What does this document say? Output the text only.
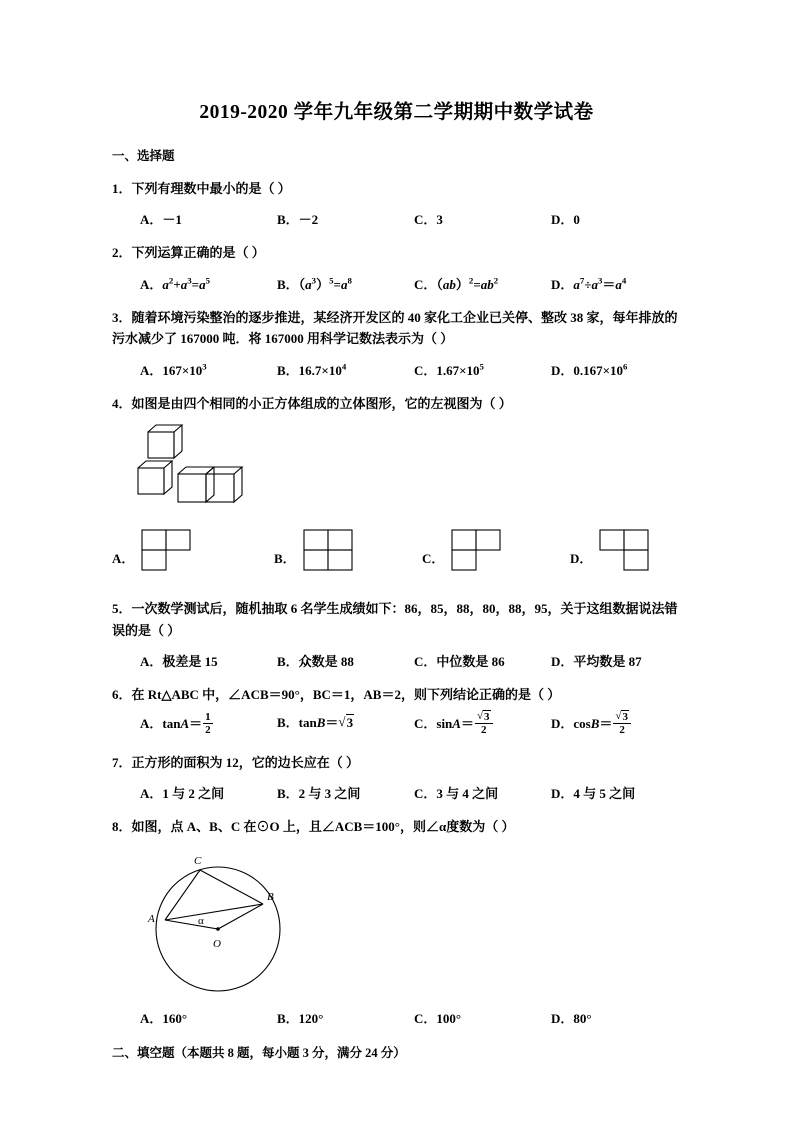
2019-2020 学年九年级第二学期期中数学试卷
一、选择题
1．下列有理数中最小的是（ ）
A．－1	B．－2	C．3	D．0
2．下列运算正确的是（ ）
A．$a^2+a^3=a^5$	B．$(a^3)^5=a^8$	C．$(ab)^2=ab^2$	D．$a^7\div a^3=a^4$
3．随着环境污染整治的逐步推进，某经济开发区的 40 家化工企业已关停、整改 38 家，每年排放的污水减少了 167000 吨．将 167000 用科学记数法表示为（ ）
A．$167\times 10^3$	B．$16.7\times 10^4$	C．$1.67\times 10^5$	D．$0.167\times 10^6$
4．如图是由四个相同的小正方体组成的立体图形，它的左视图为（ ）
A．	B．	C．	D．
5．一次数学测试后，随机抽取 6 名学生成绩如下：86，85，88，80，88，95，关于这组数据说法错误的是（ ）
A．极差是 15	B．众数是 88	C．中位数是 86	D．平均数是 87
6．在 Rt△ABC 中，∠ACB＝90°，BC＝1，AB＝2，则下列结论正确的是（ ）
A．$\tan A= \frac{1}{2}$	B．tanB＝√3	C．$\sin A= \frac{√3}{2}$	D．$\cos B= \frac{√3}{2}$
7．正方形的面积为 12，它的边长应在（ ）
A．1 与 2 之间	B．2 与 3 之间	C．3 与 4 之间	D．4 与 5 之间
8．如图，点 A、B、C 在⊙O 上，且∠ACB＝100°，则∠α度数为（ ）
C
B
A
O
α
A．160°	B．120°	C．100°	D．80°
二、填空题（本题共 8 题，每小题 3 分，满分 24 分）
